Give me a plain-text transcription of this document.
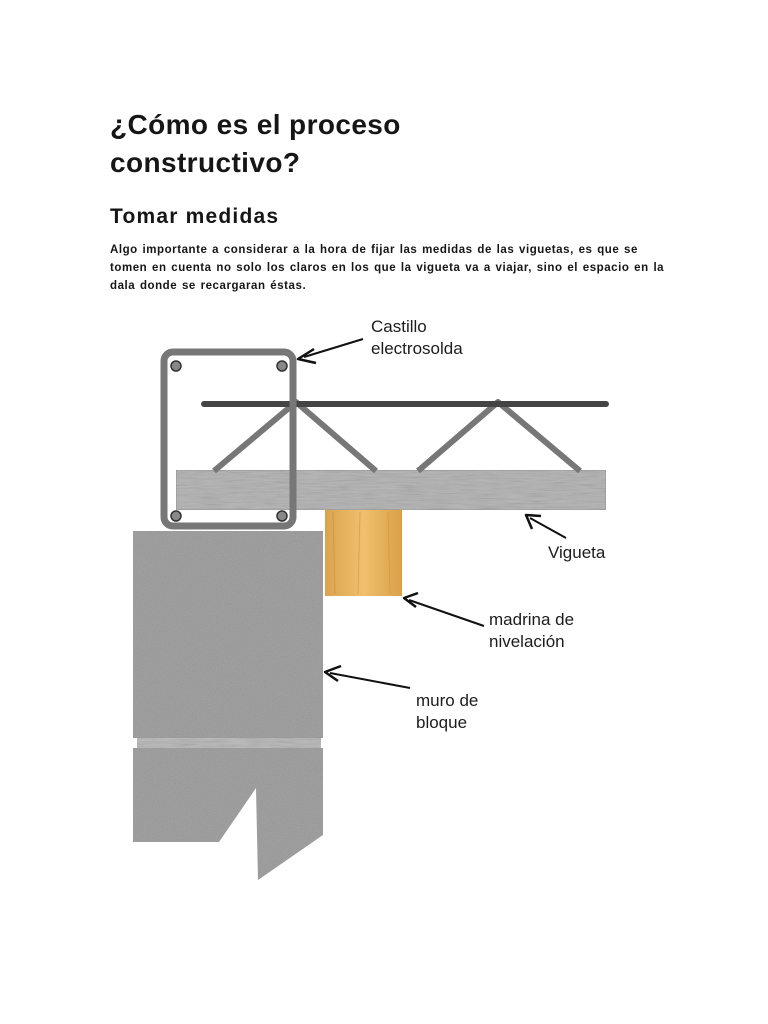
¿Cómo es el proceso
constructivo?
Tomar medidas

Algo importante a considerar a la hora de fijar las medidas de las viguetas, es que se tomen en cuenta no solo los claros en los que la vigueta va a viajar, sino el espacio en la dala donde se recargaran éstas.

Castillo
electrosolda
Vigueta
madrina de
nivelación
muro de
bloque
